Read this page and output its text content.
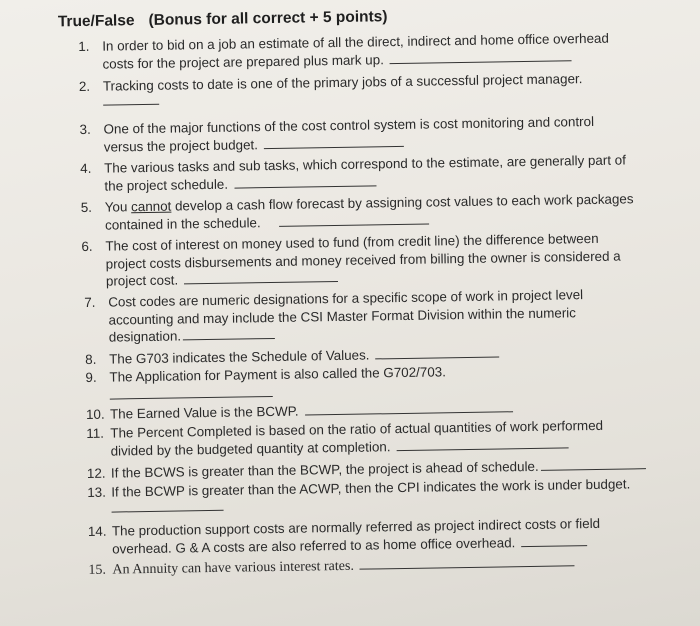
True/False (Bonus for all correct + 5 points)
1. In order to bid on a job an estimate of all the direct, indirect and home office overhead
costs for the project are prepared plus mark up.
2. Tracking costs to date is one of the primary jobs of a successful project manager.
3. One of the major functions of the cost control system is cost monitoring and control
versus the project budget.
4. The various tasks and sub tasks, which correspond to the estimate, are generally part of
the project schedule.
5. You cannot develop a cash flow forecast by assigning cost values to each work packages
contained in the schedule.
6. The cost of interest on money used to fund (from credit line) the difference between
project costs disbursements and money received from billing the owner is considered a
project cost.
7. Cost codes are numeric designations for a specific scope of work in project level
accounting and may include the CSI Master Format Division within the numeric
designation.
8. The G703 indicates the Schedule of Values.
9. The Application for Payment is also called the G702/703.
10. The Earned Value is the BCWP.
11. The Percent Completed is based on the ratio of actual quantities of work performed
divided by the budgeted quantity at completion.
12. If the BCWS is greater than the BCWP, the project is ahead of schedule.
13. If the BCWP is greater than the ACWP, then the CPI indicates the work is under budget.
14. The production support costs are normally referred as project indirect costs or field
overhead. G & A costs are also referred to as home office overhead.
15. An Annuity can have various interest rates.
